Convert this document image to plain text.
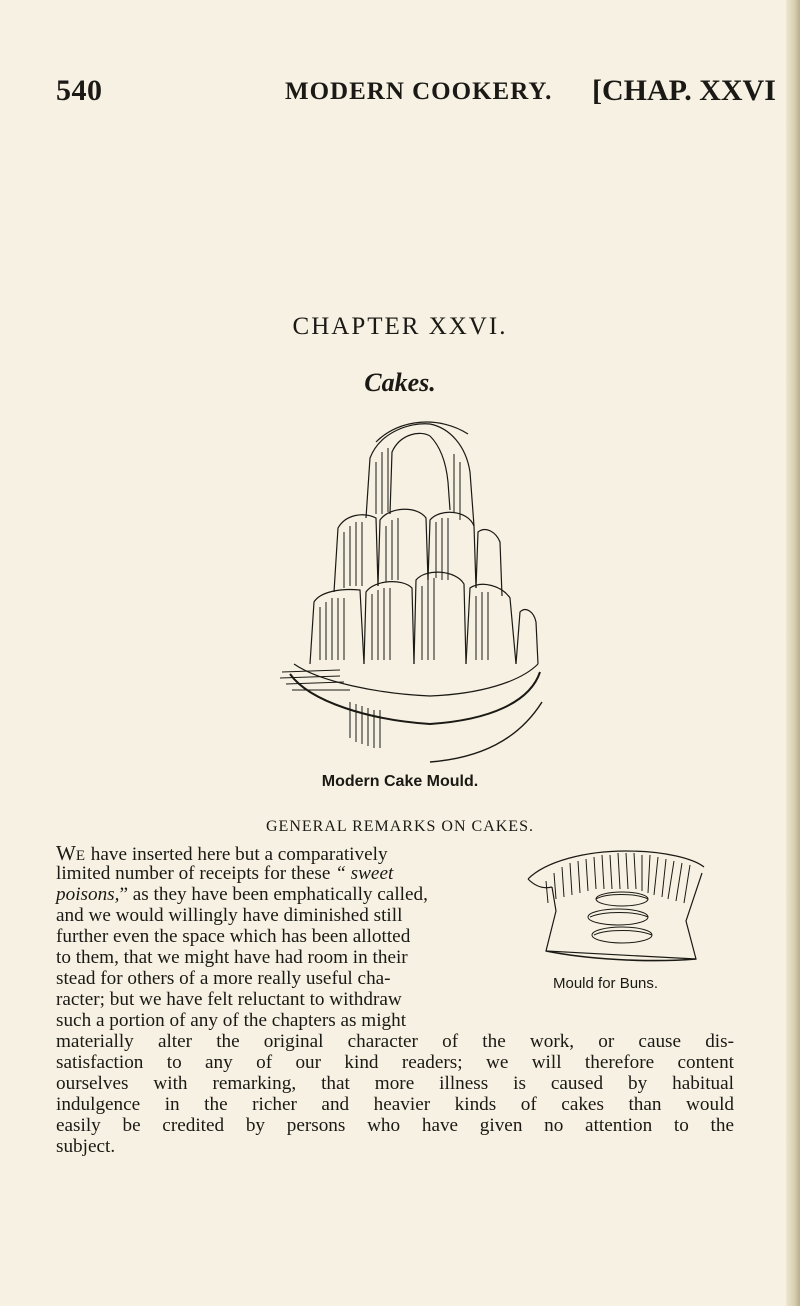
540	MODERN COOKERY. [CHAP. XXVI
CHAPTER XXVI.
Cakes.
Modern Cake Mould.
GENERAL REMARKS ON CAKES.
Mould for Buns.
WE have inserted here but a comparatively
limited number of receipts for these “ sweet
poisons,” as they have been emphatically called,
and we would willingly have diminished still
further even the space which has been allotted
to them, that we might have had room in their
stead for others of a more really useful cha-
racter; but we have felt reluctant to withdraw
such a portion of any of the chapters as might
materially alter the original character of the work, or cause dis-
satisfaction to any of our kind readers; we will therefore content
ourselves with remarking, that more illness is caused by habitual
indulgence in the richer and heavier kinds of cakes than would
easily be credited by persons who have given no attention to the
subject.
